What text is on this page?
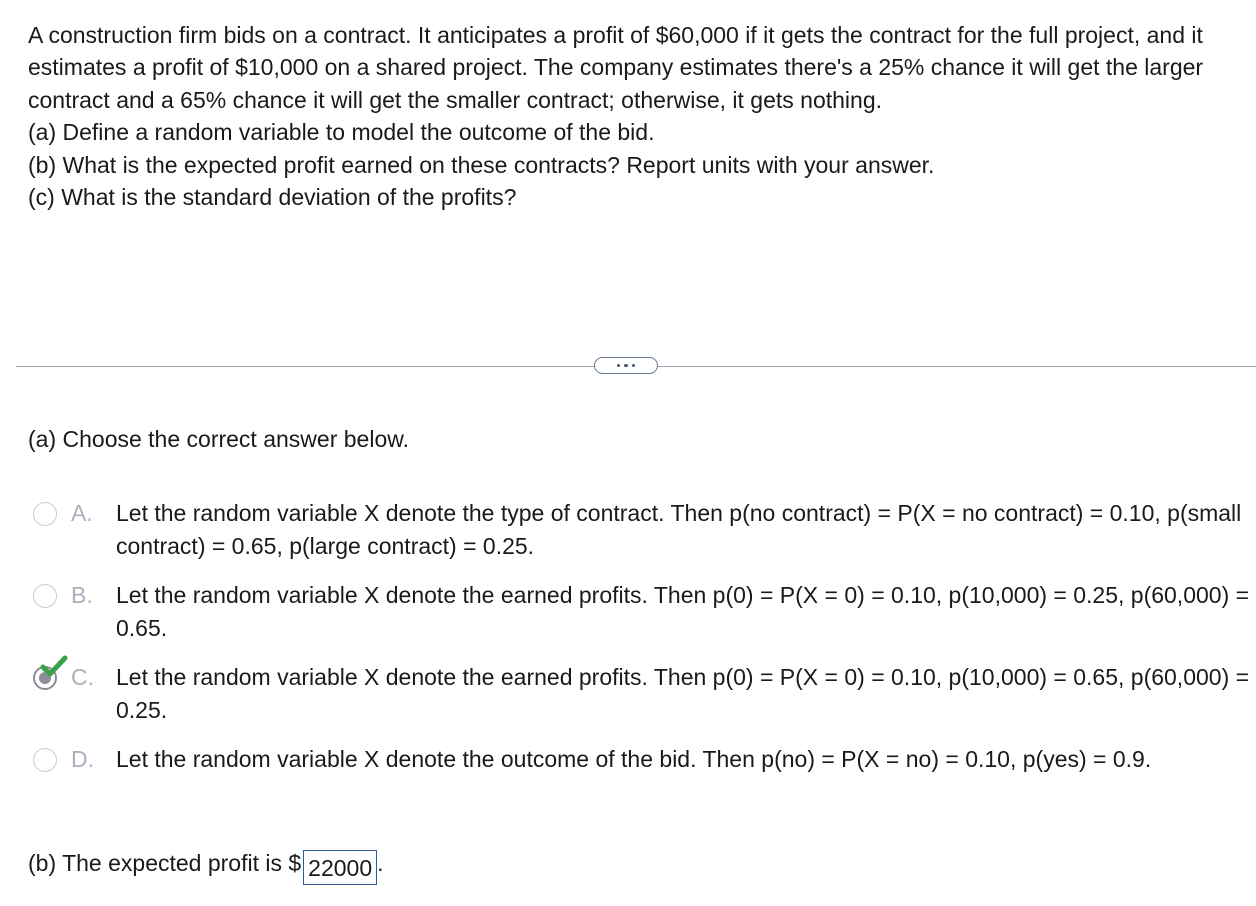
A construction firm bids on a contract. It anticipates a profit of $60,000 if it gets the contract for the full project, and it estimates a profit of $10,000 on a shared project. The company estimates there's a 25% chance it will get the larger contract and a 65% chance it will get the smaller contract; otherwise, it gets nothing.

(a) Define a random variable to model the outcome of the bid.

(b) What is the expected profit earned on these contracts? Report units with your answer.

(c) What is the standard deviation of the profits?

(a) Choose the correct answer below.
A. Let the random variable X denote the type of contract. Then p(no contract) = P(X = no contract) = 0.10, p(small contract) = 0.65, p(large contract) = 0.25.
B. Let the random variable X denote the earned profits. Then p(0) = P(X = 0) = 0.10, p(10,000) = 0.25, p(60,000) = 0.65.
C. Let the random variable X denote the earned profits. Then p(0) = P(X = 0) = 0.10, p(10,000) = 0.65, p(60,000) = 0.25.
D. Let the random variable X denote the outcome of the bid. Then p(no) = P(X = no) = 0.10, p(yes) = 0.9.
(b) The expected profit is $ 22000 .
